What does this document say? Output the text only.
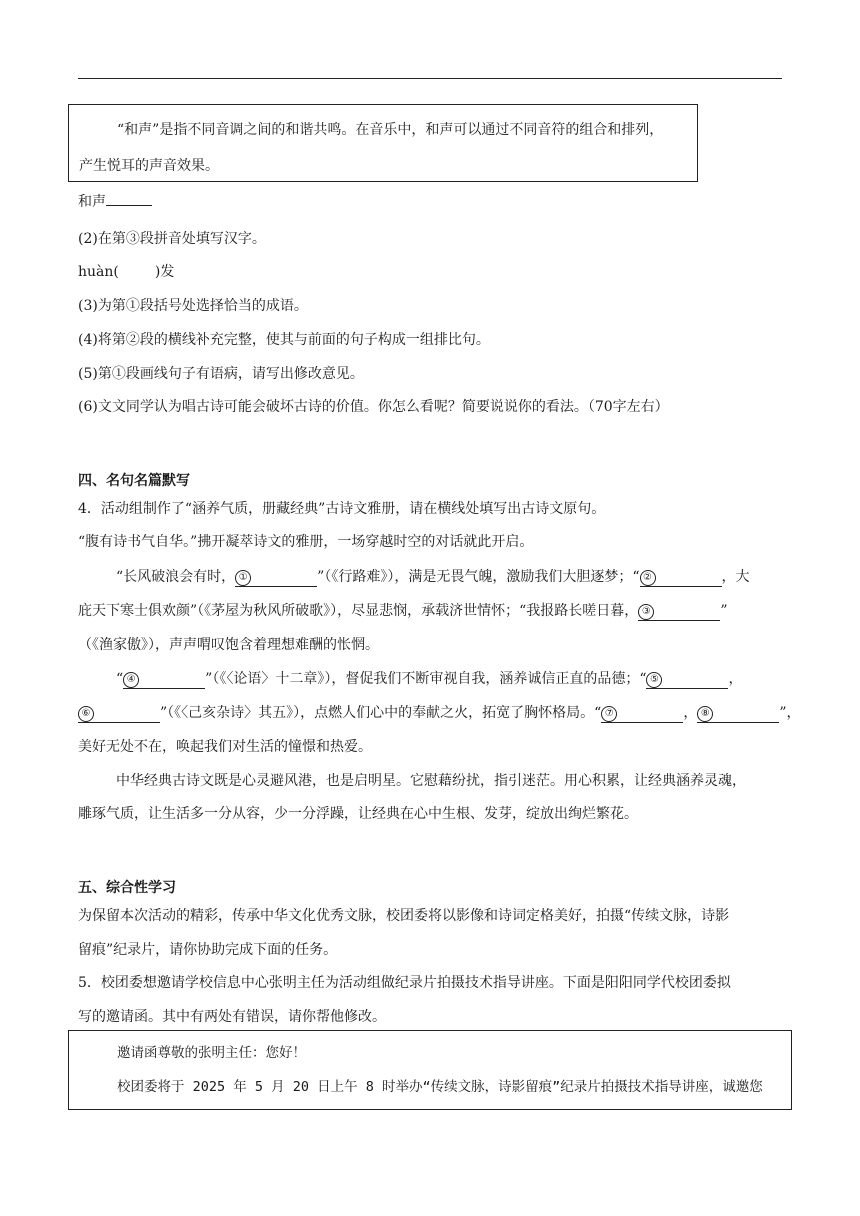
“和声”是指不同音调之间的和谐共鸣。在音乐中，和声可以通过不同音符的组合和排列，
产生悦耳的声音效果。
和声
(2)在第③段拼音处填写汉字。
huàn(	)发
(3)为第①段括号处选择恰当的成语。
(4)将第②段的横线补充完整，使其与前面的句子构成一组排比句。
(5)第①段画线句子有语病，请写出修改意见。
(6)文文同学认为唱古诗可能会破坏古诗的价值。你怎么看呢？简要说说你的看法。（70字左右）
四、名句名篇默写
4．活动组制作了“涵养气质，册藏经典”古诗文雅册，请在横线处填写出古诗文原句。
“腹有诗书气自华。”拂开凝萃诗文的雅册，一场穿越时空的对话就此开启。
“长风破浪会有时， ①	”（《行路难》），满是无畏气魄，激励我们大胆逐梦；“ ②	，大
庇天下寒士俱欢颜”（《茅屋为秋风所破歌》），尽显悲悯，承载济世情怀；“我报路长嗟日暮， ③	”
（《渔家傲》），声声喟叹饱含着理想难酬的怅惘。
“ ④	”（《〈论语〉十二章》），督促我们不断审视自我，涵养诚信正直的品德；“ ⑤	，
⑥	”（《〈己亥杂诗〉其五》），点燃人们心中的奉献之火，拓宽了胸怀格局。“ ⑦	， ⑧	”，
美好无处不在，唤起我们对生活的憧憬和热爱。
中华经典古诗文既是心灵避风港，也是启明星。它慰藉纷扰，指引迷茫。用心积累，让经典涵养灵魂，
雕琢气质，让生活多一分从容，少一分浮躁，让经典在心中生根、发芽，绽放出绚烂繁花。
五、综合性学习
为保留本次活动的精彩，传承中华文化优秀文脉，校团委将以影像和诗词定格美好，拍摄“传续文脉，诗影
留痕”纪录片，请你协助完成下面的任务。
5．校团委想邀请学校信息中心张明主任为活动组做纪录片拍摄技术指导讲座。下面是阳阳同学代校团委拟
写的邀请函。其中有两处有错误，请你帮他修改。
邀请函尊敬的张明主任：您好！
校团委将于 2025 年 5 月 20 日上午 8 时举办“传续文脉，诗影留痕”纪录片拍摄技术指导讲座，诚邀您
